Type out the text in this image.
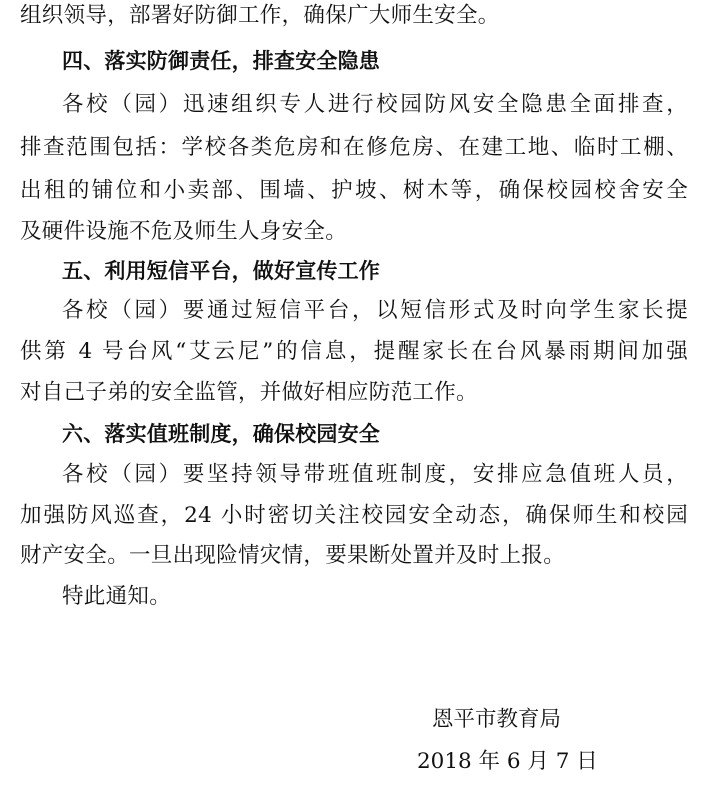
组织领导，部署好防御工作，确保广大师生安全。
四、落实防御责任，排查安全隐患
各校（园）迅速组织专人进行校园防风安全隐患全面排查，
排查范围包括：学校各类危房和在修危房、在建工地、临时工棚、
出租的铺位和小卖部、围墙、护坡、树木等，确保校园校舍安全
及硬件设施不危及师生人身安全。
五、利用短信平台，做好宣传工作
各校（园）要通过短信平台，以短信形式及时向学生家长提
供第 4 号台风“艾云尼”的信息，提醒家长在台风暴雨期间加强
对自己子弟的安全监管，并做好相应防范工作。
六、落实值班制度，确保校园安全
各校（园）要坚持领导带班值班制度，安排应急值班人员，
加强防风巡查，24 小时密切关注校园安全动态，确保师生和校园
财产安全。一旦出现险情灾情，要果断处置并及时上报。
特此通知。
恩平市教育局
2018 年 6 月 7 日
